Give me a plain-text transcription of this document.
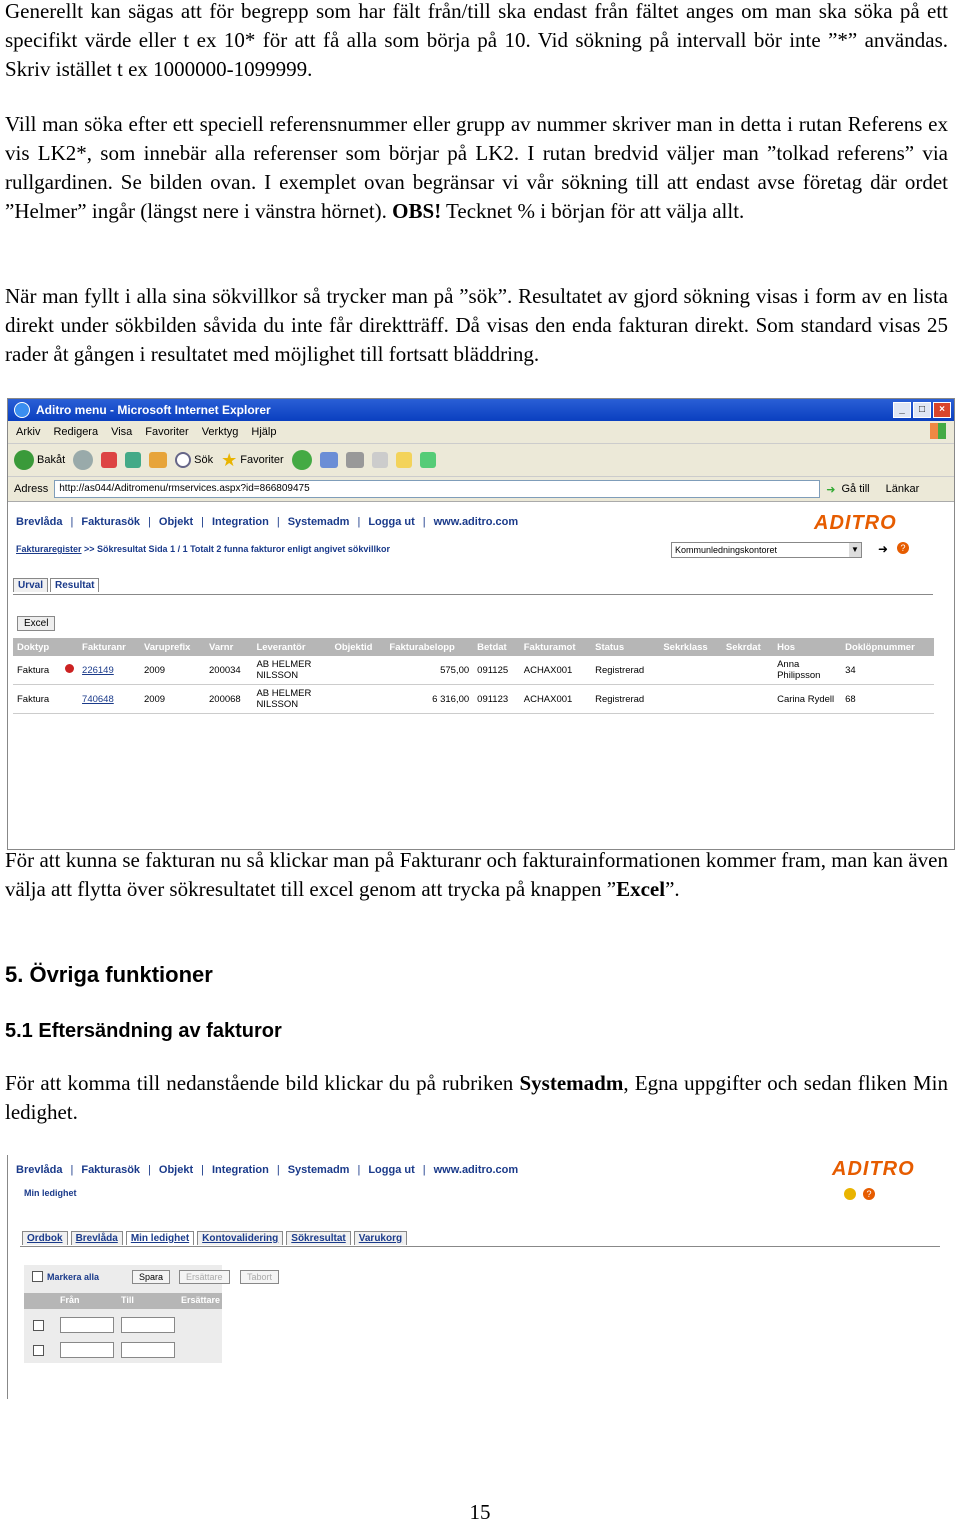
Generellt kan sägas att för begrepp som har fält från/till ska endast från fältet anges om man ska söka på ett specifikt värde eller t ex 10* för att få alla som börja på 10. Vid sökning på intervall bör inte ”*” användas. Skriv istället t ex 1000000-1099999.

Vill man söka efter ett speciell referensnummer eller grupp av nummer skriver man in detta i rutan Referens ex vis LK2*, som innebär alla referenser som börjar på LK2. I rutan bredvid väljer man ”tolkad referens” via rullgardinen. Se bilden ovan. I exemplet ovan begränsar vi vår sökning till att endast avse företag där ordet ”Helmer” ingår (längst nere i vänstra hörnet). OBS! Tecknet % i början för att välja allt.

När man fyllt i alla sina sökvillkor så trycker man på ”sök”. Resultatet av gjord sökning visas i form av en lista direkt under sökbilden såvida du inte får direktträff. Då visas den enda fakturan direkt. Som standard visas 25 rader åt gången i resultatet med möjlighet till fortsatt bläddring.

Aditro menu - Microsoft Internet Explorer	_	□	×
Arkiv Redigera Visa Favoriter Verktyg Hjälp
Bakåt	Sök ★ Favoriter
Adress	http://as044/Aditromenu/rmservices.aspx?id=866809475	➜ Gå till Länkar
Brevlåda | Fakturasök | Objekt | Integration | Systemadm | Logga ut | www.aditro.com	ADITRO
Fakturaregister >> Sökresultat Sida 1 / 1 Totalt 2 funna fakturor enligt angivet sökvillkor	Kommunledningskontoret	▼ ➜	?
Urval	Resultat
Excel
Doktyp		Fakturanr	Varuprefix	Varnr	Leverantör	Objektid	Fakturabelopp	Betdat	Fakturamot	Status	Sekrklass	Sekrdat	Hos	Doklöpnummer
Faktura		226149	2009	200034	AB HELMER NILSSON		575,00	091125	ACHAX001	Registrerad			Anna Philipsson	34
Faktura		740648	2009	200068	AB HELMER NILSSON		6 316,00	091123	ACHAX001	Registrerad			Carina Rydell	68

För att kunna se fakturan nu så klickar man på Fakturanr och fakturainformationen kommer fram, man kan även välja att flytta över sökresultatet till excel genom att trycka på knappen ”Excel”.

5. Övriga funktioner
5.1 Eftersändning av fakturor

För att komma till nedanstående bild klickar du på rubriken Systemadm, Egna uppgifter och sedan fliken Min ledighet.

Brevlåda | Fakturasök | Objekt | Integration | Systemadm | Logga ut | www.aditro.com	ADITRO
?
Min ledighet
Ordbok	Brevlåda	Min ledighet	Kontovalidering	Sökresultat	Varukorg
Markera alla	Spara	Ersättare	Tabort
Från	Till	Ersättare
15
